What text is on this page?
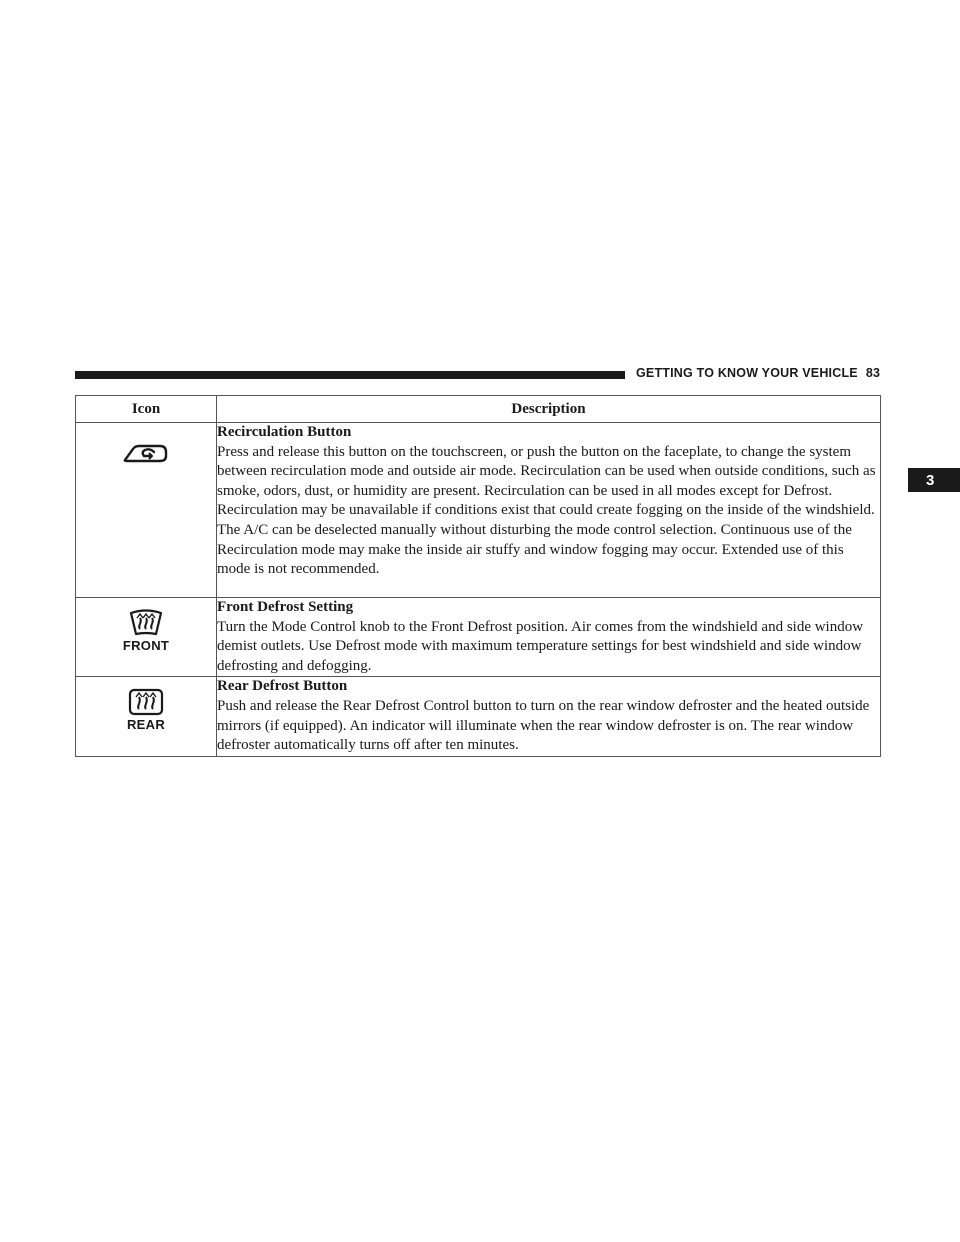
GETTING TO KNOW YOUR VEHICLE 83
3
Icon	Description

Recirculation Button
Press and release this button on the touchscreen, or push the button on the faceplate, to change the system between recirculation mode and outside air mode. Recirculation can be used when outside conditions, such as smoke, odors, dust, or humidity are present. Recirculation can be used in all modes except for Defrost. Recirculation may be unavailable if conditions exist that could create fogging on the inside of the windshield. The A/C can be deselected manually without disturbing the mode control selection. Continuous use of the Recirculation mode may make the inside air stuffy and window fogging may occur. Extended use of this mode is not recommended.

FRONT	Front Defrost Setting
Turn the Mode Control knob to the Front Defrost position. Air comes from the windshield and side window demist outlets. Use Defrost mode with maximum temperature settings for best windshield and side window defrosting and defogging.

REAR	Rear Defrost Button
Push and release the Rear Defrost Control button to turn on the rear window defroster and the heated outside mirrors (if equipped). An indicator will illuminate when the rear window defroster is on. The rear window defroster automatically turns off after ten minutes.
